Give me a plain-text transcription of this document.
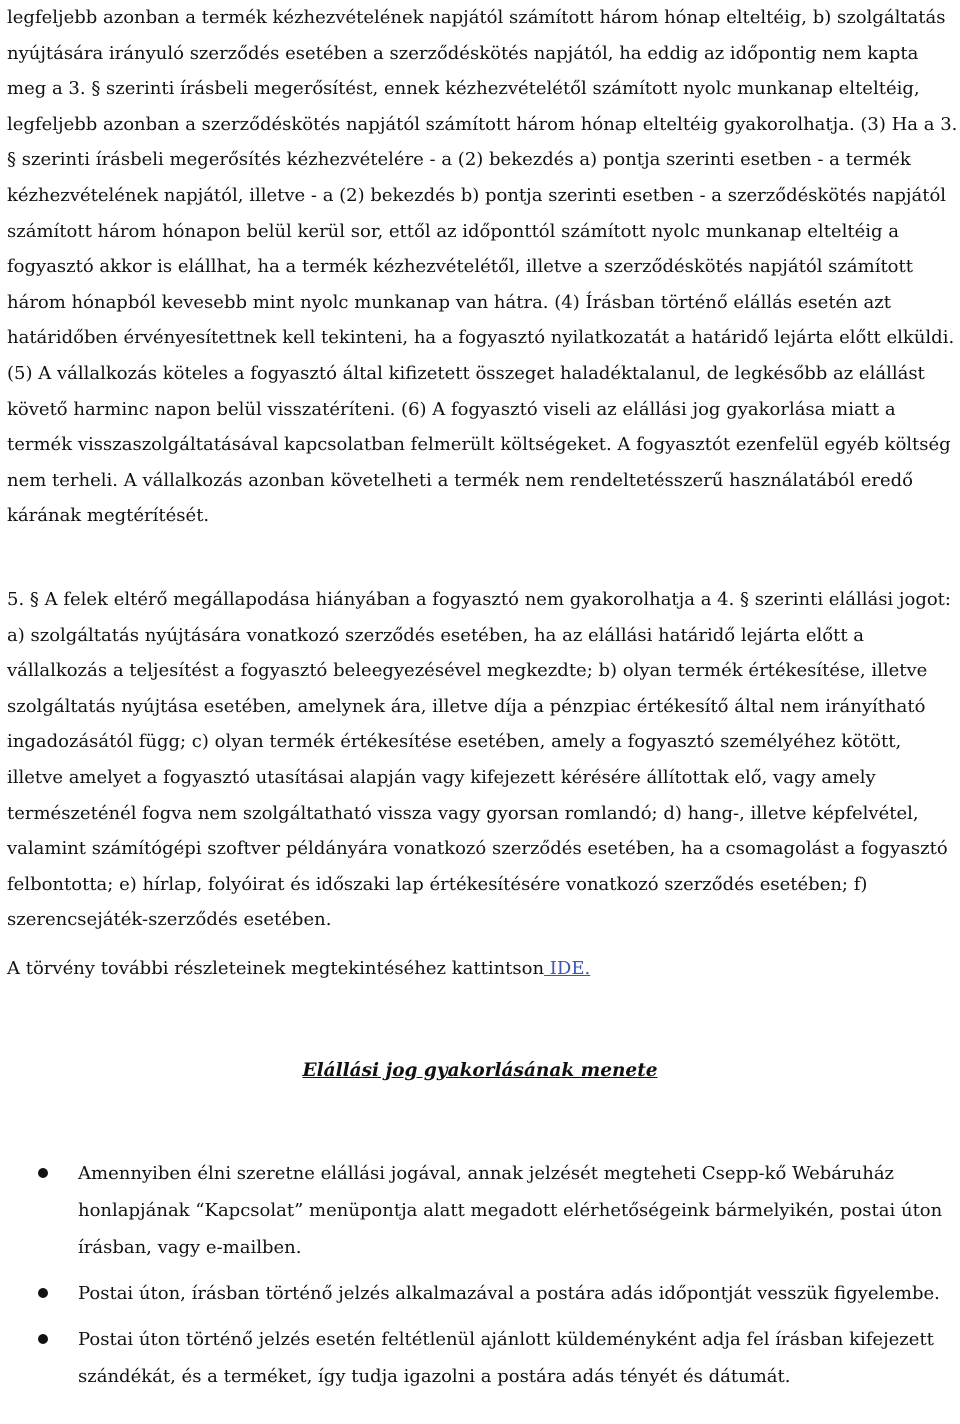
legfeljebb azonban a termék kézhezvételének napjától számított három hónap elteltéig, b) szolgáltatás nyújtására irányuló szerződés esetében a szerződéskötés napjától, ha eddig az időpontig nem kapta meg a 3. § szerinti írásbeli megerősítést, ennek kézhezvételétől számított nyolc munkanap elteltéig, legfeljebb azonban a szerződéskötés napjától számított három hónap elteltéig gyakorolhatja. (3) Ha a 3. § szerinti írásbeli megerősítés kézhezvételére - a (2) bekezdés a) pontja szerinti esetben - a termék kézhezvételének napjától, illetve - a (2) bekezdés b) pontja szerinti esetben - a szerződéskötés napjától számított három hónapon belül kerül sor, ettől az időponttól számított nyolc munkanap elteltéig a fogyasztó akkor is elállhat, ha a termék kézhezvételétől, illetve a szerződéskötés napjától számított három hónapból kevesebb mint nyolc munkanap van hátra. (4) Írásban történő elállás esetén azt határidőben érvényesítettnek kell tekinteni, ha a fogyasztó nyilatkozatát a határidő lejárta előtt elküldi. (5) A vállalkozás köteles a fogyasztó által kifizetett összeget haladéktalanul, de legkésőbb az elállást követő harminc napon belül visszatéríteni. (6) A fogyasztó viseli az elállási jog gyakorlása miatt a termék visszaszolgáltatásával kapcsolatban felmerült költségeket. A fogyasztót ezenfelül egyéb költség nem terheli. A vállalkozás azonban követelheti a termék nem rendeltetésszerű használatából eredő kárának megtérítését.

5. § A felek eltérő megállapodása hiányában a fogyasztó nem gyakorolhatja a 4. § szerinti elállási jogot: a) szolgáltatás nyújtására vonatkozó szerződés esetében, ha az elállási határidő lejárta előtt a vállalkozás a teljesítést a fogyasztó beleegyezésével megkezdte; b) olyan termék értékesítése, illetve szolgáltatás nyújtása esetében, amelynek ára, illetve díja a pénzpiac értékesítő által nem irányítható ingadozásától függ; c) olyan termék értékesítése esetében, amely a fogyasztó személyéhez kötött, illetve amelyet a fogyasztó utasításai alapján vagy kifejezett kérésére állítottak elő, vagy amely természeténél fogva nem szolgáltatható vissza vagy gyorsan romlandó; d) hang-, illetve képfelvétel, valamint számítógépi szoftver példányára vonatkozó szerződés esetében, ha a csomagolást a fogyasztó felbontotta; e) hírlap, folyóirat és időszaki lap értékesítésére vonatkozó szerződés esetében; f) szerencsejáték-szerződés esetében.

A törvény további részleteinek megtekintéséhez kattintson IDE.

Elállási jog gyakorlásának menete
Amennyiben élni szeretne elállási jogával, annak jelzését megteheti Csepp-kő Webáruház honlapjának “Kapcsolat” menüpontja alatt megadott elérhetőségeink bármelyikén, postai úton írásban, vagy e-mailben.
Postai úton, írásban történő jelzés alkalmazával a postára adás időpontját vesszük figyelembe.
Postai úton történő jelzés esetén feltétlenül ajánlott küldeményként adja fel írásban kifejezett szándékát, és a terméket, így tudja igazolni a postára adás tényét és dátumát.
